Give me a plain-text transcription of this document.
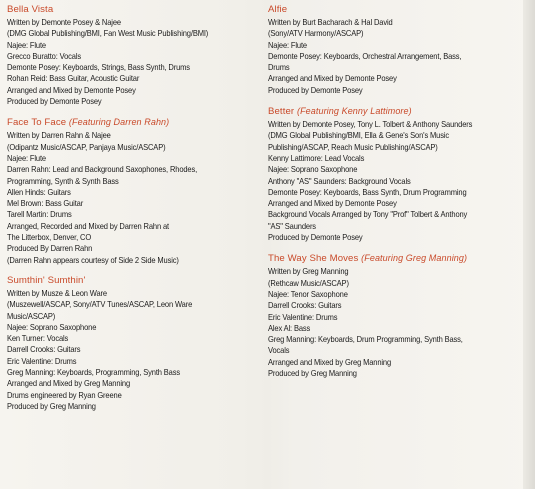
Bella Vista
Written by Demonte Posey & Najee
(DMG Global Publishing/BMI, Fan West Music Publishing/BMI)
Najee: Flute
Grecco Buratto: Vocals
Demonte Posey: Keyboards, Strings, Bass Synth, Drums
Rohan Reid: Bass Guitar, Acoustic Guitar
Arranged and Mixed by Demonte Posey
Produced by Demonte Posey
Face To Face (Featuring Darren Rahn)
Written by Darren Rahn & Najee
(Odipantz Music/ASCAP, Panjaya Music/ASCAP)
Najee: Flute
Darren Rahn: Lead and Background Saxophones, Rhodes,
Programming, Synth & Synth Bass
Allen Hinds: Guitars
Mel Brown: Bass Guitar
Tarell Martin: Drums
Arranged, Recorded and Mixed by Darren Rahn at
The Litterbox, Denver, CO
Produced By Darren Rahn
(Darren Rahn appears courtesy of Side 2 Side Music)
Sumthin' Sumthin'
Written by Musze & Leon Ware
(Muszewell/ASCAP, Sony/ATV Tunes/ASCAP, Leon Ware
Music/ASCAP)
Najee: Soprano Saxophone
Ken Turner: Vocals
Darrell Crooks: Guitars
Eric Valentine: Drums
Greg Manning: Keyboards, Programming, Synth Bass
Arranged and Mixed by Greg Manning
Drums engineered by Ryan Greene
Produced by Greg Manning
Alfie
Written by Burt Bacharach & Hal David
(Sony/ATV Harmony/ASCAP)
Najee: Flute
Demonte Posey: Keyboards, Orchestral Arrangement, Bass,
Drums
Arranged and Mixed by Demonte Posey
Produced by Demonte Posey
Better (Featuring Kenny Lattimore)
Written by Demonte Posey, Tony L. Tolbert & Anthony Saunders
(DMG Global Publishing/BMI, Ella & Gene's Son's Music
Publishing/ASCAP, Reach Music Publishing/ASCAP)
Kenny Lattimore: Lead Vocals
Najee: Soprano Saxophone
Anthony "AS" Saunders: Background Vocals
Demonte Posey: Keyboards, Bass Synth, Drum Programming
Arranged and Mixed by Demonte Posey
Background Vocals Arranged by Tony "Prof" Tolbert & Anthony
"AS" Saunders
Produced by Demonte Posey
The Way She Moves (Featuring Greg Manning)
Written by Greg Manning
(Rethcaw Music/ASCAP)
Najee: Tenor Saxophone
Darrell Crooks: Guitars
Eric Valentine: Drums
Alex Al: Bass
Greg Manning: Keyboards, Drum Programming, Synth Bass,
Vocals
Arranged and Mixed by Greg Manning
Produced by Greg Manning
